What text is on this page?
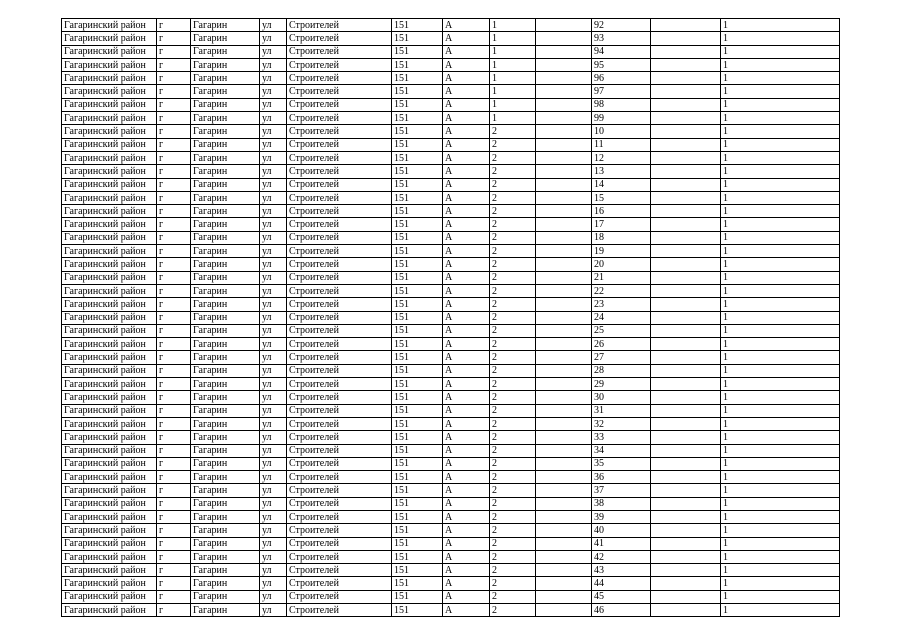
Гагаринский район	г	Гагарин	ул	Строителей	151	А	1		92		1
Гагаринский район	г	Гагарин	ул	Строителей	151	А	1		93		1
Гагаринский район	г	Гагарин	ул	Строителей	151	А	1		94		1
Гагаринский район	г	Гагарин	ул	Строителей	151	А	1		95		1
Гагаринский район	г	Гагарин	ул	Строителей	151	А	1		96		1
Гагаринский район	г	Гагарин	ул	Строителей	151	А	1		97		1
Гагаринский район	г	Гагарин	ул	Строителей	151	А	1		98		1
Гагаринский район	г	Гагарин	ул	Строителей	151	А	1		99		1
Гагаринский район	г	Гагарин	ул	Строителей	151	А	2		10		1
Гагаринский район	г	Гагарин	ул	Строителей	151	А	2		11		1
Гагаринский район	г	Гагарин	ул	Строителей	151	А	2		12		1
Гагаринский район	г	Гагарин	ул	Строителей	151	А	2		13		1
Гагаринский район	г	Гагарин	ул	Строителей	151	А	2		14		1
Гагаринский район	г	Гагарин	ул	Строителей	151	А	2		15		1
Гагаринский район	г	Гагарин	ул	Строителей	151	А	2		16		1
Гагаринский район	г	Гагарин	ул	Строителей	151	А	2		17		1
Гагаринский район	г	Гагарин	ул	Строителей	151	А	2		18		1
Гагаринский район	г	Гагарин	ул	Строителей	151	А	2		19		1
Гагаринский район	г	Гагарин	ул	Строителей	151	А	2		20		1
Гагаринский район	г	Гагарин	ул	Строителей	151	А	2		21		1
Гагаринский район	г	Гагарин	ул	Строителей	151	А	2		22		1
Гагаринский район	г	Гагарин	ул	Строителей	151	А	2		23		1
Гагаринский район	г	Гагарин	ул	Строителей	151	А	2		24		1
Гагаринский район	г	Гагарин	ул	Строителей	151	А	2		25		1
Гагаринский район	г	Гагарин	ул	Строителей	151	А	2		26		1
Гагаринский район	г	Гагарин	ул	Строителей	151	А	2		27		1
Гагаринский район	г	Гагарин	ул	Строителей	151	А	2		28		1
Гагаринский район	г	Гагарин	ул	Строителей	151	А	2		29		1
Гагаринский район	г	Гагарин	ул	Строителей	151	А	2		30		1
Гагаринский район	г	Гагарин	ул	Строителей	151	А	2		31		1
Гагаринский район	г	Гагарин	ул	Строителей	151	А	2		32		1
Гагаринский район	г	Гагарин	ул	Строителей	151	А	2		33		1
Гагаринский район	г	Гагарин	ул	Строителей	151	А	2		34		1
Гагаринский район	г	Гагарин	ул	Строителей	151	А	2		35		1
Гагаринский район	г	Гагарин	ул	Строителей	151	А	2		36		1
Гагаринский район	г	Гагарин	ул	Строителей	151	А	2		37		1
Гагаринский район	г	Гагарин	ул	Строителей	151	А	2		38		1
Гагаринский район	г	Гагарин	ул	Строителей	151	А	2		39		1
Гагаринский район	г	Гагарин	ул	Строителей	151	А	2		40		1
Гагаринский район	г	Гагарин	ул	Строителей	151	А	2		41		1
Гагаринский район	г	Гагарин	ул	Строителей	151	А	2		42		1
Гагаринский район	г	Гагарин	ул	Строителей	151	А	2		43		1
Гагаринский район	г	Гагарин	ул	Строителей	151	А	2		44		1
Гагаринский район	г	Гагарин	ул	Строителей	151	А	2		45		1
Гагаринский район	г	Гагарин	ул	Строителей	151	А	2		46		1
